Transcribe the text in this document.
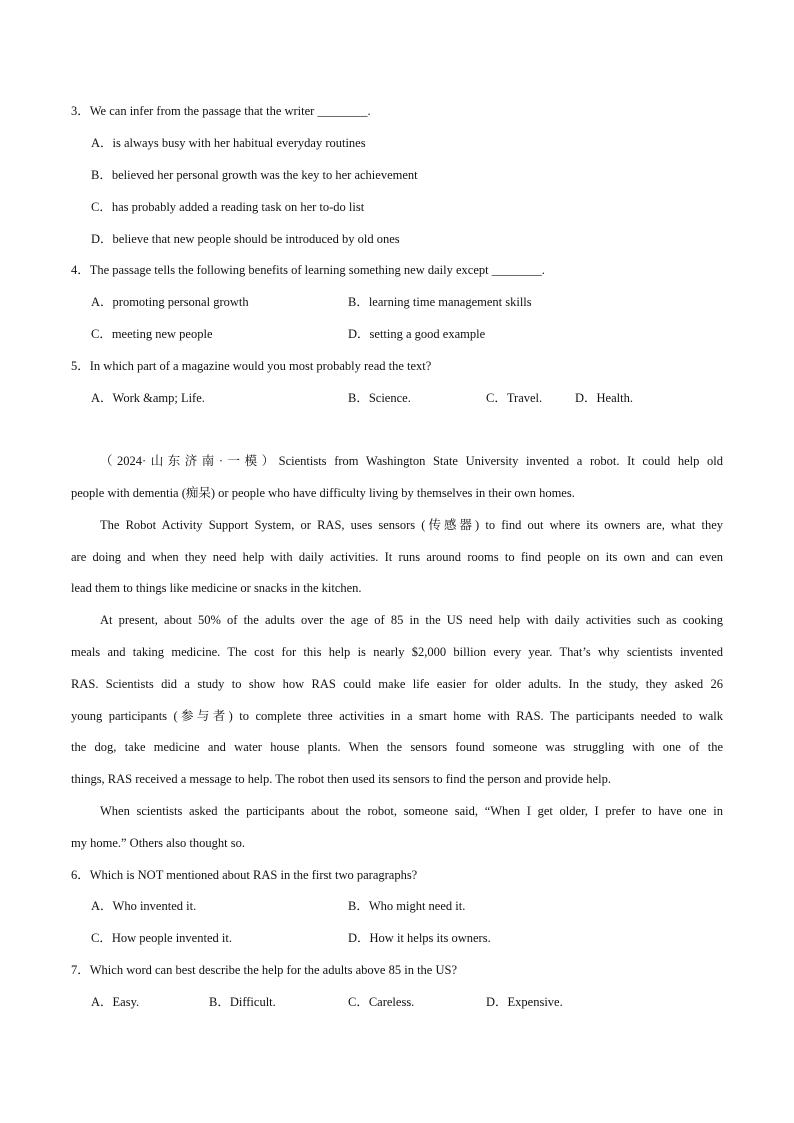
3．We can infer from the passage that the writer ________.
A．is always busy with her habitual everyday routines
B．believed her personal growth was the key to her achievement
C．has probably added a reading task on her to-do list
D．believe that new people should be introduced by old ones
4．The passage tells the following benefits of learning something new daily except ________.
A．promoting personal growth	B．learning time management skills
C．meeting new people	D．setting a good example
5．In which part of a magazine would you most probably read the text?
A．Work &amp; Life.	B．Science.	C．Travel.	D．Health.
（2024·山东济南·一模）Scientists from Washington State University invented a robot. It could help old
people with dementia (痴呆) or people who have difficulty living by themselves in their own homes.
The Robot Activity Support System, or RAS, uses sensors (传感器) to find out where its owners are, what they
are doing and when they need help with daily activities. It runs around rooms to find people on its own and can even
lead them to things like medicine or snacks in the kitchen.
At present, about 50% of the adults over the age of 85 in the US need help with daily activities such as cooking
meals and taking medicine. The cost for this help is nearly $2,000 billion every year. That’s why scientists invented
RAS. Scientists did a study to show how RAS could make life easier for older adults. In the study, they asked 26
young participants (参与者) to complete three activities in a smart home with RAS. The participants needed to walk
the dog, take medicine and water house plants. When the sensors found someone was struggling with one of the
things, RAS received a message to help. The robot then used its sensors to find the person and provide help.
When scientists asked the participants about the robot, someone said, “When I get older, I prefer to have one in
my home.” Others also thought so.
6．Which is NOT mentioned about RAS in the first two paragraphs?
A．Who invented it.	B．Who might need it.
C．How people invented it.	D．How it helps its owners.
7．Which word can best describe the help for the adults above 85 in the US?
A．Easy.	B．Difficult.	C．Careless.	D．Expensive.
